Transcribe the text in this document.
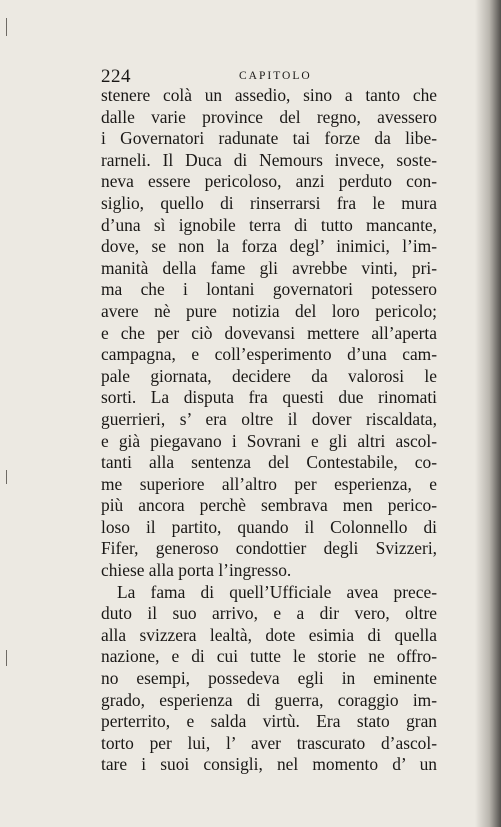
224	CAPITOLO
stenere colà un assedio, sino a tanto che
dalle varie province del regno, avessero
i Governatori radunate tai forze da libe-
rarneli. Il Duca di Nemours invece, soste-
neva essere pericoloso, anzi perduto con-
siglio, quello di rinserrarsi fra le mura
d’una sì ignobile terra di tutto mancante,
dove, se non la forza degl’ inimici, l’im-
manità della fame gli avrebbe vinti, pri-
ma che i lontani governatori potessero
avere nè pure notizia del loro pericolo;
e che per ciò dovevansi mettere all’aperta
campagna, e coll’esperimento d’una cam-
pale giornata, decidere da valorosi le
sorti. La disputa fra questi due rinomati
guerrieri, s’ era oltre il dover riscaldata,
e già piegavano i Sovrani e gli altri ascol-
tanti alla sentenza del Contestabile, co-
me superiore all’altro per esperienza, e
più ancora perchè sembrava men perico-
loso il partito, quando il Colonnello di
Fifer, generoso condottier degli Svizzeri,
chiese alla porta l’ingresso.
La fama di quell’Ufficiale avea prece-
duto il suo arrivo, e a dir vero, oltre
alla svizzera lealtà, dote esimia di quella
nazione, e di cui tutte le storie ne offro-
no esempi, possedeva egli in eminente
grado, esperienza di guerra, coraggio im-
perterrito, e salda virtù. Era stato gran
torto per lui, l’ aver trascurato d’ascol-
tare i suoi consigli, nel momento d’ un
